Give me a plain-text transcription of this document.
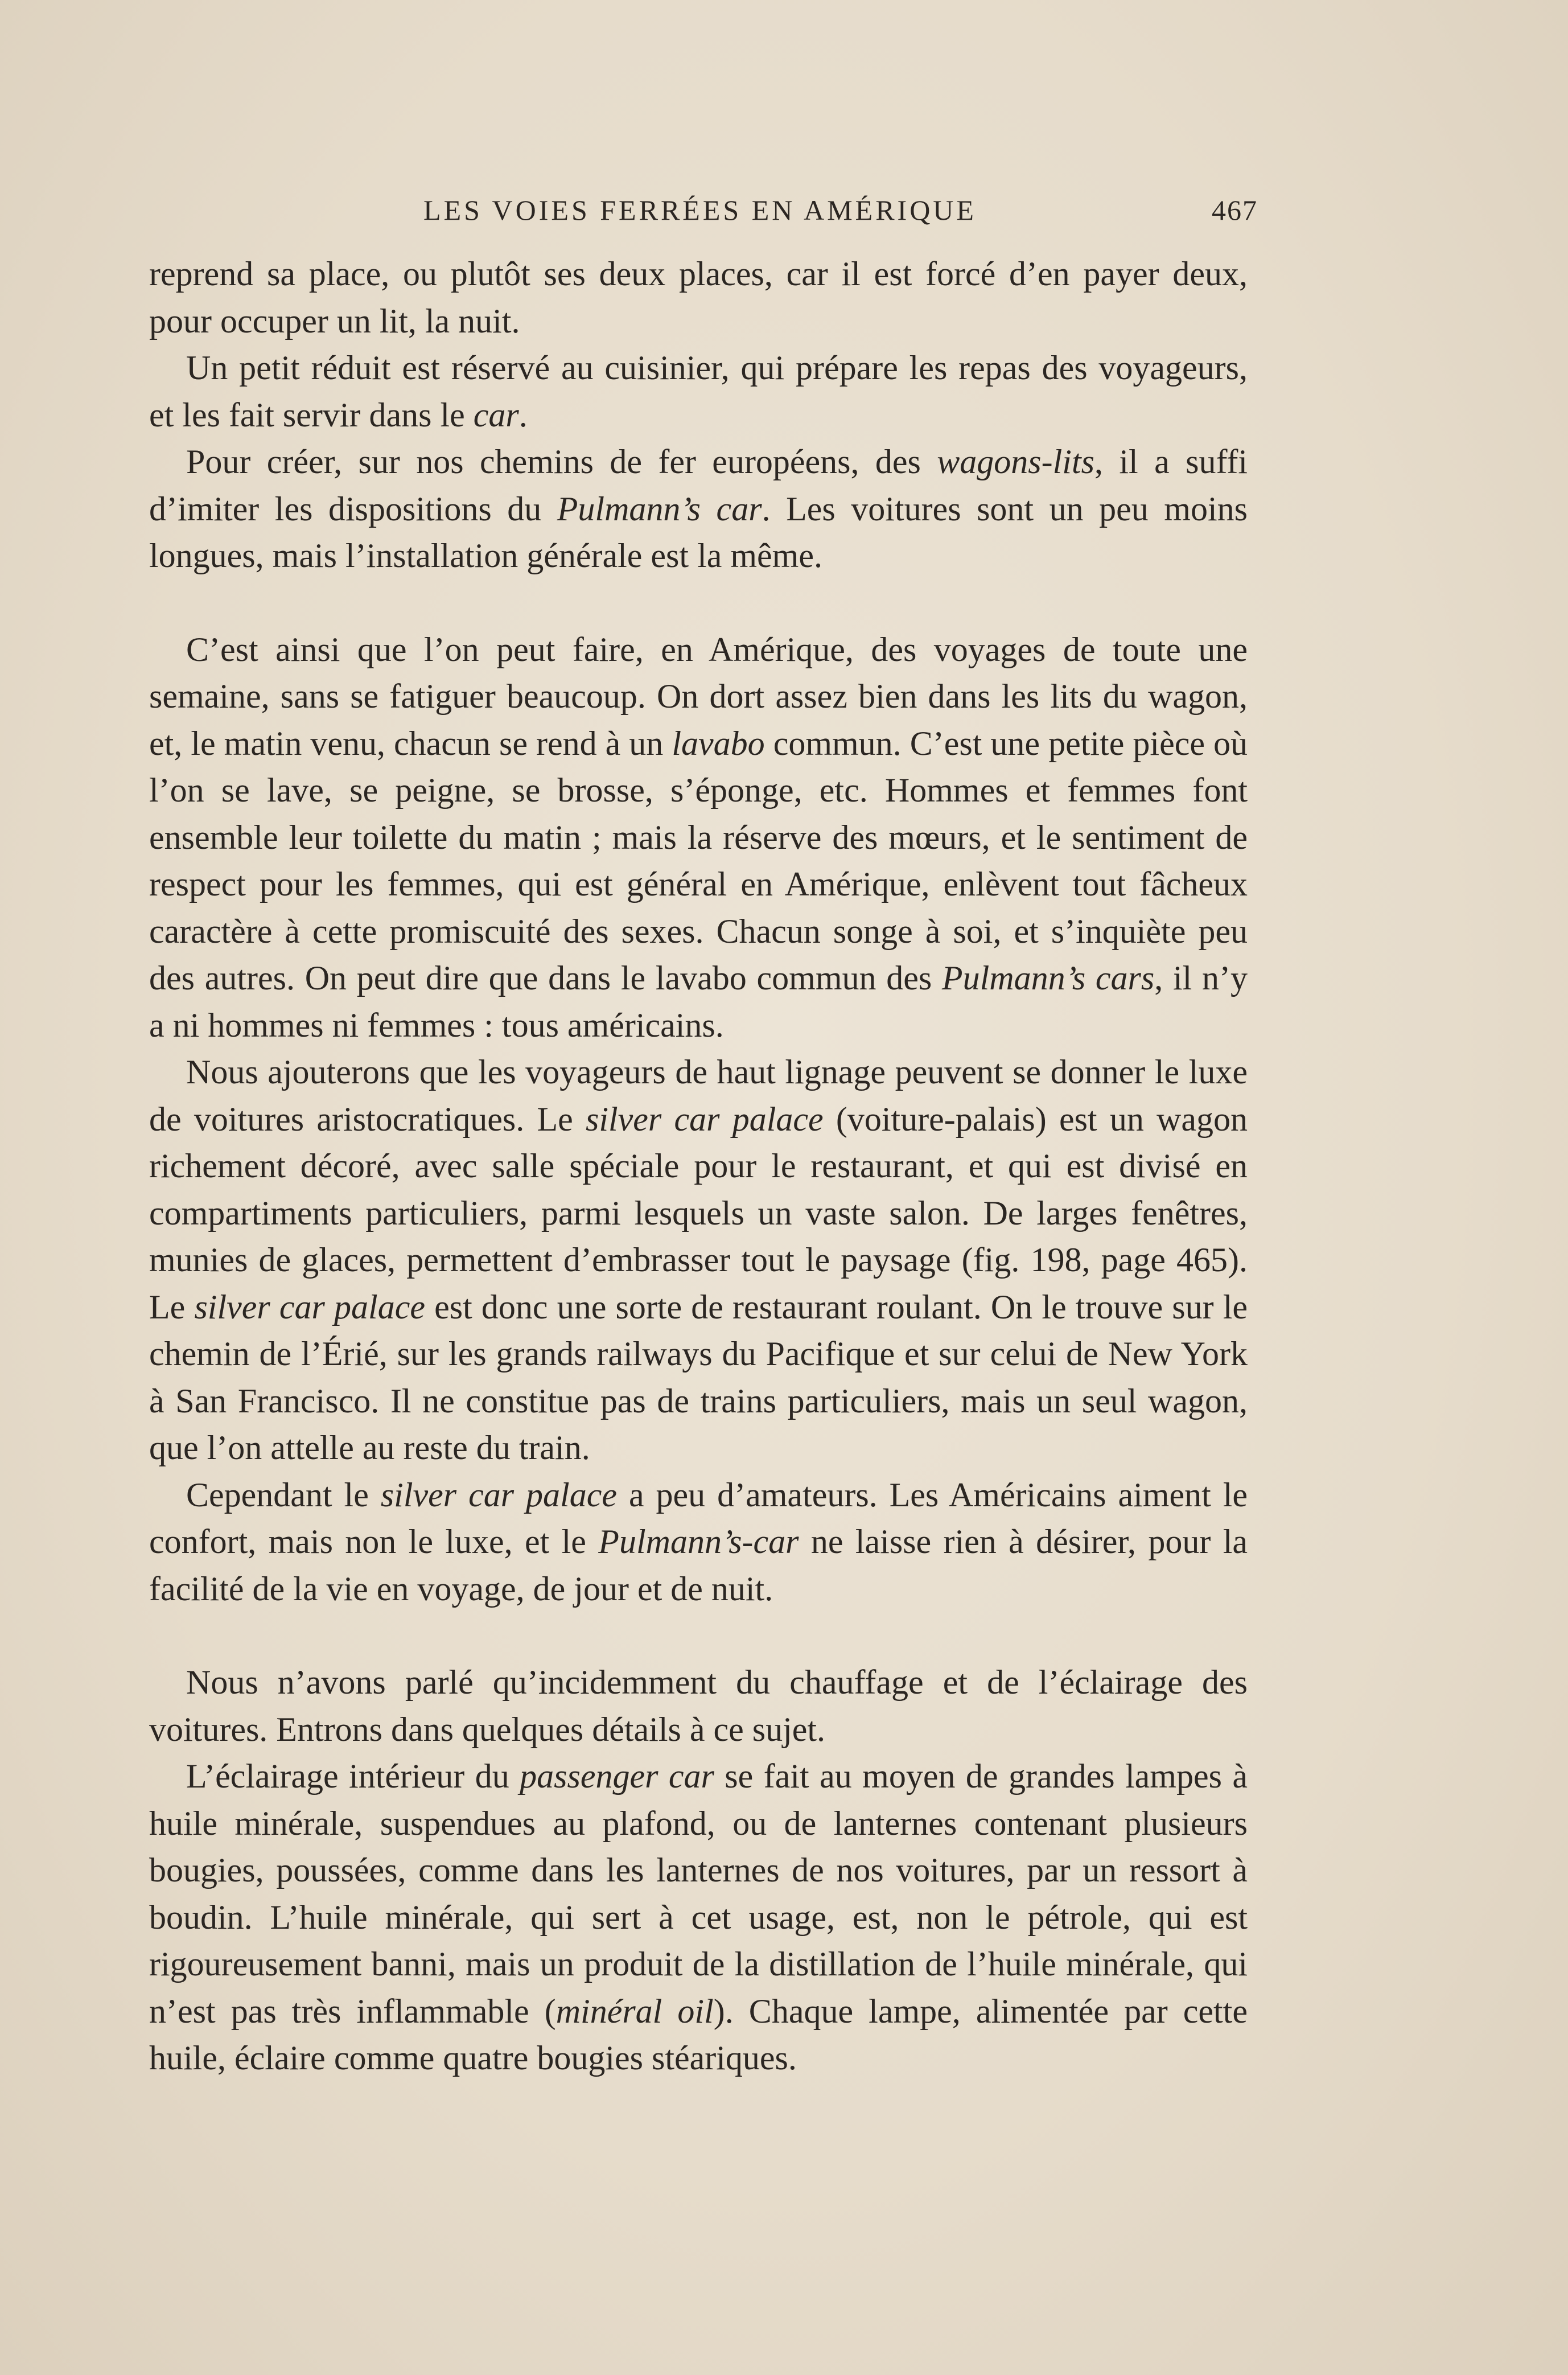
LES VOIES FERRÉES EN AMÉRIQUE	467

reprend sa place, ou plutôt ses deux places, car il est forcé d’en payer deux, pour occuper un lit, la nuit.

Un petit réduit est réservé au cuisinier, qui prépare les repas des voyageurs, et les fait servir dans le car.

Pour créer, sur nos chemins de fer européens, des wagons-lits, il a suffi d’imiter les dispositions du Pulmann’s car. Les voitures sont un peu moins longues, mais l’installation générale est la même.

C’est ainsi que l’on peut faire, en Amérique, des voyages de toute une semaine, sans se fatiguer beaucoup. On dort assez bien dans les lits du wagon, et, le matin venu, chacun se rend à un lavabo commun. C’est une petite pièce où l’on se lave, se peigne, se brosse, s’éponge, etc. Hommes et femmes font ensemble leur toilette du matin ; mais la réserve des mœurs, et le sentiment de respect pour les femmes, qui est général en Amérique, enlèvent tout fâcheux caractère à cette promiscuité des sexes. Chacun songe à soi, et s’inquiète peu des autres. On peut dire que dans le lavabo commun des Pulmann’s cars, il n’y a ni hommes ni femmes : tous américains.

Nous ajouterons que les voyageurs de haut lignage peuvent se donner le luxe de voitures aristocratiques. Le silver car palace (voiture-palais) est un wagon richement décoré, avec salle spéciale pour le restaurant, et qui est divisé en compartiments particuliers, parmi lesquels un vaste salon. De larges fenêtres, munies de glaces, permettent d’embrasser tout le paysage (fig. 198, page 465). Le silver car palace est donc une sorte de restaurant roulant. On le trouve sur le chemin de l’Érié, sur les grands railways du Pacifique et sur celui de New York à San Francisco. Il ne constitue pas de trains particuliers, mais un seul wagon, que l’on attelle au reste du train.

Cependant le silver car palace a peu d’amateurs. Les Américains aiment le confort, mais non le luxe, et le Pulmann’s-car ne laisse rien à désirer, pour la facilité de la vie en voyage, de jour et de nuit.

Nous n’avons parlé qu’incidemment du chauffage et de l’éclairage des voitures. Entrons dans quelques détails à ce sujet.

L’éclairage intérieur du passenger car se fait au moyen de grandes lampes à huile minérale, suspendues au plafond, ou de lanternes contenant plusieurs bougies, poussées, comme dans les lanternes de nos voitures, par un ressort à boudin. L’huile minérale, qui sert à cet usage, est, non le pétrole, qui est rigoureusement banni, mais un produit de la distillation de l’huile minérale, qui n’est pas très inflammable (minéral oil). Chaque lampe, alimentée par cette huile, éclaire comme quatre bougies stéariques.
